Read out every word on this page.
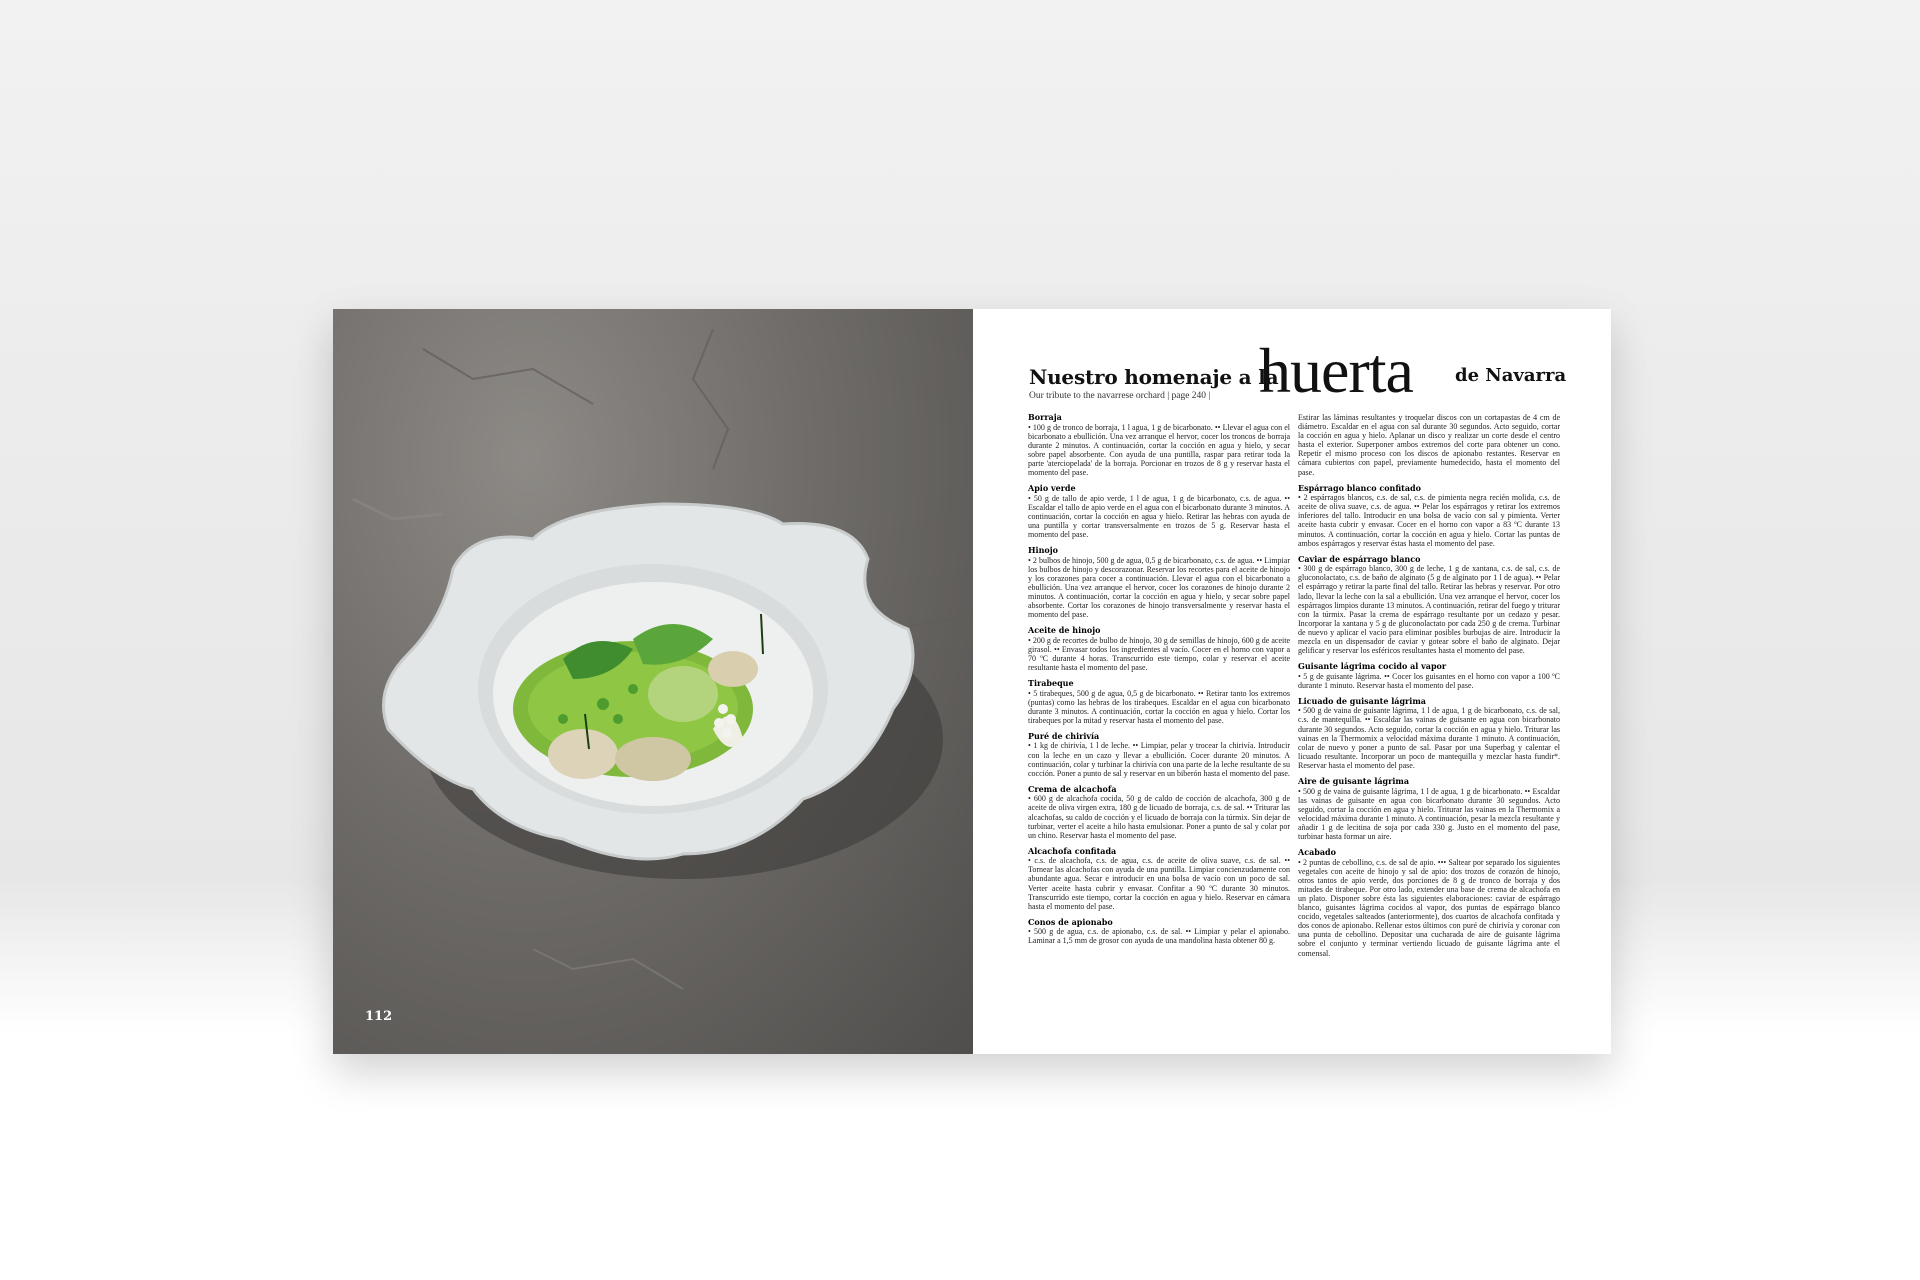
112
Nuestro homenaje a la
huerta de Navarra
Our tribute to the navarrese orchard | page 240 |
Borraja

• 100 g de tronco de borraja, 1 l agua, 1 g de bicarbonato. •• Llevar el agua con el bicarbonato a ebullición. Una vez arranque el hervor, cocer los troncos de borraja durante 2 minutos. A continuación, cortar la cocción en agua y hielo, y secar sobre papel absorbente. Con ayuda de una puntilla, raspar para retirar toda la parte 'aterciopelada' de la borraja. Porcionar en trozos de 8 g y reservar hasta el momento del pase.

Apio verde

• 50 g de tallo de apio verde, 1 l de agua, 1 g de bicarbonato, c.s. de agua. •• Escaldar el tallo de apio verde en el agua con el bicarbonato durante 3 minutos. A continuación, cortar la cocción en agua y hielo. Retirar las hebras con ayuda de una puntilla y cortar transversalmente en trozos de 5 g. Reservar hasta el momento del pase.

Hinojo

• 2 bulbos de hinojo, 500 g de agua, 0,5 g de bicarbonato, c.s. de agua. •• Limpiar los bulbos de hinojo y descorazonar. Reservar los recortes para el aceite de hinojo y los corazones para cocer a continuación. Llevar el agua con el bicarbonato a ebullición. Una vez arranque el hervor, cocer los corazones de hinojo durante 2 minutos. A continuación, cortar la cocción en agua y hielo, y secar sobre papel absorbente. Cortar los corazones de hinojo transversalmente y reservar hasta el momento del pase.

Aceite de hinojo

• 200 g de recortes de bulbo de hinojo, 30 g de semillas de hinojo, 600 g de aceite girasol. •• Envasar todos los ingredientes al vacío. Cocer en el horno con vapor a 70 ºC durante 4 horas. Transcurrido este tiempo, colar y reservar el aceite resultante hasta el momento del pase.

Tirabeque

• 5 tirabeques, 500 g de agua, 0,5 g de bicarbonato. •• Retirar tanto los extremos (puntas) como las hebras de los tirabeques. Escaldar en el agua con bicarbonato durante 3 minutos. A continuación, cortar la cocción en agua y hielo. Cortar los tirabeques por la mitad y reservar hasta el momento del pase.

Puré de chirivía

• 1 kg de chirivía, 1 l de leche. •• Limpiar, pelar y trocear la chirivía. Introducir con la leche en un cazo y llevar a ebullición. Cocer durante 20 minutos. A continuación, colar y turbinar la chirivía con una parte de la leche resultante de su cocción. Poner a punto de sal y reservar en un biberón hasta el momento del pase.

Crema de alcachofa

• 600 g de alcachofa cocida, 50 g de caldo de cocción de alcachofa, 300 g de aceite de oliva virgen extra, 180 g de licuado de borraja, c.s. de sal. •• Triturar las alcachofas, su caldo de cocción y el licuado de borraja con la túrmix. Sin dejar de turbinar, verter el aceite a hilo hasta emulsionar. Poner a punto de sal y colar por un chino. Reservar hasta el momento del pase.

Alcachofa confitada

• c.s. de alcachofa, c.s. de agua, c.s. de aceite de oliva suave, c.s. de sal. •• Tornear las alcachofas con ayuda de una puntilla. Limpiar concienzudamente con abundante agua. Secar e introducir en una bolsa de vacío con un poco de sal. Verter aceite hasta cubrir y envasar. Confitar a 90 ºC durante 30 minutos. Transcurrido este tiempo, cortar la cocción en agua y hielo. Reservar en cámara hasta el momento del pase.

Conos de apionabo

• 500 g de agua, c.s. de apionabo, c.s. de sal. •• Limpiar y pelar el apionabo. Laminar a 1,5 mm de grosor con ayuda de una mandolina hasta obtener 80 g.

Estirar las láminas resultantes y troquelar discos con un cortapastas de 4 cm de diámetro. Escaldar en el agua con sal durante 30 segundos. Acto seguido, cortar la cocción en agua y hielo. Aplanar un disco y realizar un corte desde el centro hasta el exterior. Superponer ambos extremos del corte para obtener un cono. Repetir el mismo proceso con los discos de apionabo restantes. Reservar en cámara cubiertos con papel, previamente humedecido, hasta el momento del pase.

Espárrago blanco confitado

• 2 espárragos blancos, c.s. de sal, c.s. de pimienta negra recién molida, c.s. de aceite de oliva suave, c.s. de agua. •• Pelar los espárragos y retirar los extremos inferiores del tallo. Introducir en una bolsa de vacío con sal y pimienta. Verter aceite hasta cubrir y envasar. Cocer en el horno con vapor a 83 ºC durante 13 minutos. A continuación, cortar la cocción en agua y hielo. Cortar las puntas de ambos espárragos y reservar éstas hasta el momento del pase.

Caviar de espárrago blanco

• 300 g de espárrago blanco, 300 g de leche, 1 g de xantana, c.s. de sal, c.s. de gluconolactato, c.s. de baño de alginato (5 g de alginato por 1 l de agua). •• Pelar el espárrago y retirar la parte final del tallo. Retirar las hebras y reservar. Por otro lado, llevar la leche con la sal a ebullición. Una vez arranque el hervor, cocer los espárragos limpios durante 13 minutos. A continuación, retirar del fuego y triturar con la túrmix. Pasar la crema de espárrago resultante por un cedazo y pesar. Incorporar la xantana y 5 g de gluconolactato por cada 250 g de crema. Turbinar de nuevo y aplicar el vacío para eliminar posibles burbujas de aire. Introducir la mezcla en un dispensador de caviar y gotear sobre el baño de alginato. Dejar gelificar y reservar los esféricos resultantes hasta el momento del pase.

Guisante lágrima cocido al vapor

• 5 g de guisante lágrima. •• Cocer los guisantes en el horno con vapor a 100 ºC durante 1 minuto. Reservar hasta el momento del pase.

Licuado de guisante lágrima

• 500 g de vaina de guisante lágrima, 1 l de agua, 1 g de bicarbonato, c.s. de sal, c.s. de mantequilla. •• Escaldar las vainas de guisante en agua con bicarbonato durante 30 segundos. Acto seguido, cortar la cocción en agua y hielo. Triturar las vainas en la Thermomix a velocidad máxima durante 1 minuto. A continuación, colar de nuevo y poner a punto de sal. Pasar por una Superbag y calentar el licuado resultante. Incorporar un poco de mantequilla y mezclar hasta fundir*. Reservar hasta el momento del pase.

Aire de guisante lágrima

• 500 g de vaina de guisante lágrima, 1 l de agua, 1 g de bicarbonato. •• Escaldar las vainas de guisante en agua con bicarbonato durante 30 segundos. Acto seguido, cortar la cocción en agua y hielo. Triturar las vainas en la Thermomix a velocidad máxima durante 1 minuto. A continuación, pesar la mezcla resultante y añadir 1 g de lecitina de soja por cada 330 g. Justo en el momento del pase, turbinar hasta formar un aire.

Acabado

• 2 puntas de cebollino, c.s. de sal de apio. ••• Saltear por separado los siguientes vegetales con aceite de hinojo y sal de apio: dos trozos de corazón de hinojo, otros tantos de apio verde, dos porciones de 8 g de tronco de borraja y dos mitades de tirabeque. Por otro lado, extender una base de crema de alcachofa en un plato. Disponer sobre ésta las siguientes elaboraciones: caviar de espárrago blanco, guisantes lágrima cocidos al vapor, dos puntas de espárrago blanco cocido, vegetales salteados (anteriormente), dos cuartos de alcachofa confitada y dos conos de apionabo. Rellenar estos últimos con puré de chirivía y coronar con una punta de cebollino. Depositar una cucharada de aire de guisante lágrima sobre el conjunto y terminar vertiendo licuado de guisante lágrima ante el comensal.
